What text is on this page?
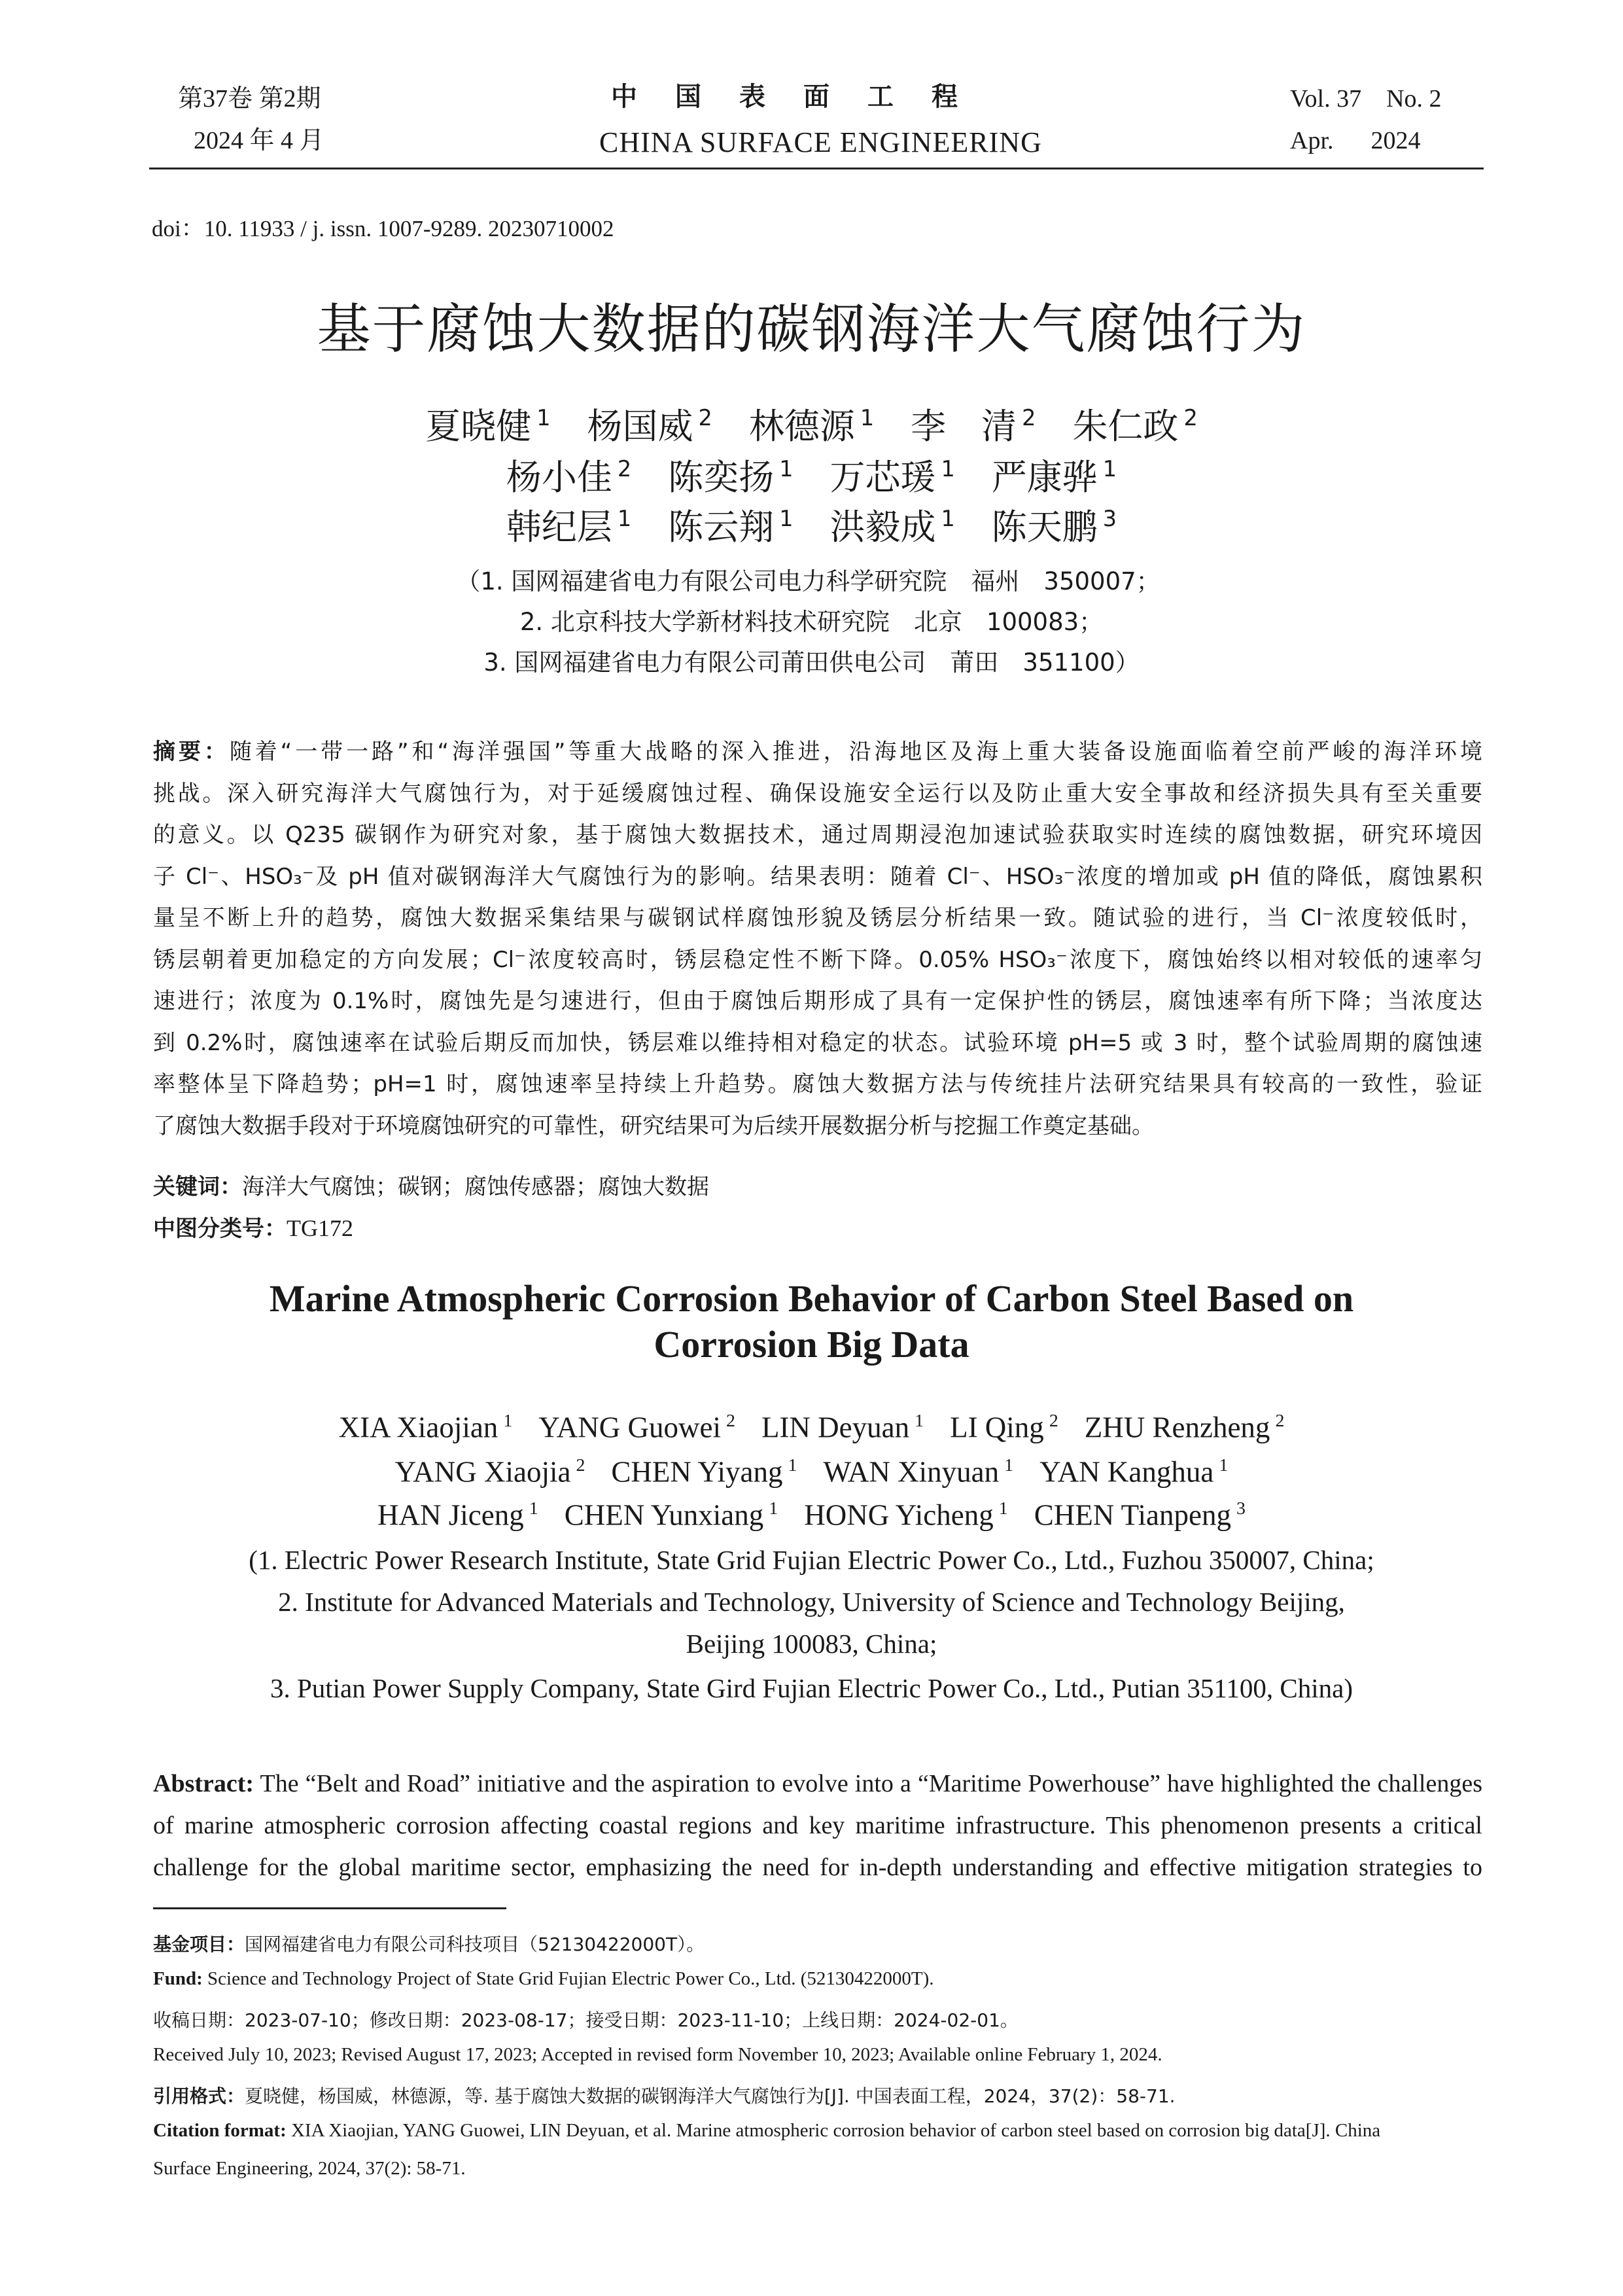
第37卷 第2期
2024 年 4 月
中国表面工程
CHINA SURFACE ENGINEERING
Vol. 37    No. 2
Apr.      2024
doi：10. 11933 / j. issn. 1007-9289. 20230710002
基于腐蚀大数据的碳钢海洋大气腐蚀行为
夏晓健 $^1$ 杨国威 $^2$ 林德源 $^1$ 李　清 $^2$ 朱仁政 $^2$
杨小佳 $^2$ 陈奕扬 $^1$ 万芯瑗 $^1$ 严康骅 $^1$
韩纪层 $^1$ 陈云翔 $^1$ 洪毅成 $^1$ 陈天鹏 $^3$
（1. 国网福建省电力有限公司电力科学研究院　福州　350007；
2. 北京科技大学新材料技术研究院　北京　100083；
3. 国网福建省电力有限公司莆田供电公司　莆田　351100）
摘要：随着“一带一路”和“海洋强国”等重大战略的深入推进，沿海地区及海上重大装备设施面临着空前严峻的海洋环境
挑战。深入研究海洋大气腐蚀行为，对于延缓腐蚀过程、确保设施安全运行以及防止重大安全事故和经济损失具有至关重要
的意义。以 Q235 碳钢作为研究对象，基于腐蚀大数据技术，通过周期浸泡加速试验获取实时连续的腐蚀数据，研究环境因
子 Cl⁻、HSO₃⁻及 pH 值对碳钢海洋大气腐蚀行为的影响。结果表明：随着 Cl⁻、HSO₃⁻浓度的增加或 pH 值的降低，腐蚀累积
量呈不断上升的趋势，腐蚀大数据采集结果与碳钢试样腐蚀形貌及锈层分析结果一致。随试验的进行，当 Cl⁻浓度较低时，
锈层朝着更加稳定的方向发展；Cl⁻浓度较高时，锈层稳定性不断下降。0.05% HSO₃⁻浓度下，腐蚀始终以相对较低的速率匀
速进行；浓度为 0.1%时，腐蚀先是匀速进行，但由于腐蚀后期形成了具有一定保护性的锈层，腐蚀速率有所下降；当浓度达
到 0.2%时，腐蚀速率在试验后期反而加快，锈层难以维持相对稳定的状态。试验环境 pH=5 或 3 时，整个试验周期的腐蚀速
率整体呈下降趋势；pH=1 时，腐蚀速率呈持续上升趋势。腐蚀大数据方法与传统挂片法研究结果具有较高的一致性，验证
了腐蚀大数据手段对于环境腐蚀研究的可靠性，研究结果可为后续开展数据分析与挖掘工作奠定基础。
关键词：海洋大气腐蚀；碳钢；腐蚀传感器；腐蚀大数据
中图分类号：TG172
Marine Atmospheric Corrosion Behavior of Carbon Steel Based on
Corrosion Big Data
XIA Xiaojian $^1$ YANG Guowei $^2$ LIN Deyuan $^1$ LI Qing $^2$ ZHU Renzheng $^2$
YANG Xiaojia $^2$ CHEN Yiyang $^1$ WAN Xinyuan $^1$ YAN Kanghua $^1$
HAN Jiceng $^1$ CHEN Yunxiang $^1$ HONG Yicheng $^1$ CHEN Tianpeng $^3$
(1. Electric Power Research Institute, State Grid Fujian Electric Power Co., Ltd., Fuzhou 350007, China;
2. Institute for Advanced Materials and Technology, University of Science and Technology Beijing,
Beijing 100083, China;
3. Putian Power Supply Company, State Gird Fujian Electric Power Co., Ltd., Putian 351100, China)
Abstract: The “Belt and Road” initiative and the aspiration to evolve into a “Maritime Powerhouse” have highlighted the challenges
of marine atmospheric corrosion affecting coastal regions and key maritime infrastructure. This phenomenon presents a critical
challenge for the global maritime sector, emphasizing the need for in-depth understanding and effective mitigation strategies to
基金项目：国网福建省电力有限公司科技项目（52130422000T）。
Fund: Science and Technology Project of State Grid Fujian Electric Power Co., Ltd. (52130422000T).
收稿日期：2023-07-10；修改日期：2023-08-17；接受日期：2023-11-10；上线日期：2024-02-01。
Received July 10, 2023; Revised August 17, 2023; Accepted in revised form November 10, 2023; Available online February 1, 2024.
引用格式：夏晓健，杨国威，林德源，等. 基于腐蚀大数据的碳钢海洋大气腐蚀行为[J]. 中国表面工程，2024，37(2)：58-71.
Citation format: XIA Xiaojian, YANG Guowei, LIN Deyuan, et al. Marine atmospheric corrosion behavior of carbon steel based on corrosion big data[J]. China
Surface Engineering, 2024, 37(2): 58-71.
